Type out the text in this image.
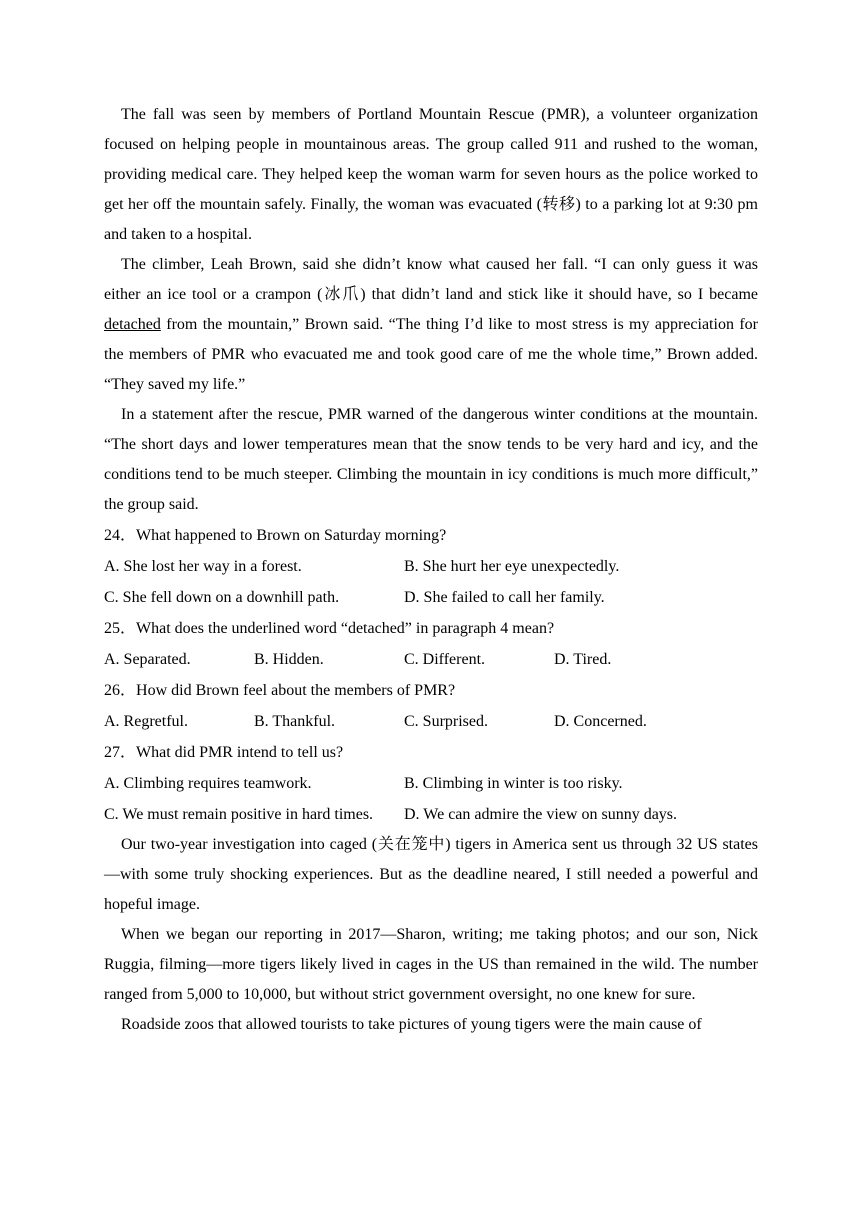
The fall was seen by members of Portland Mountain Rescue (PMR), a volunteer organization focused on helping people in mountainous areas. The group called 911 and rushed to the woman, providing medical care. They helped keep the woman warm for seven hours as the police worked to get her off the mountain safely. Finally, the woman was evacuated (转移) to a parking lot at 9:30 pm and taken to a hospital.

The climber, Leah Brown, said she didn’t know what caused her fall. “I can only guess it was either an ice tool or a crampon (冰爪) that didn’t land and stick like it should have, so I became detached from the mountain,” Brown said. “The thing I’d like to most stress is my appreciation for the members of PMR who evacuated me and took good care of me the whole time,” Brown added. “They saved my life.”

In a statement after the rescue, PMR warned of the dangerous winter conditions at the mountain. “The short days and lower temperatures mean that the snow tends to be very hard and icy, and the conditions tend to be much steeper. Climbing the mountain in icy conditions is much more difficult,” the group said.

24．What happened to Brown on Saturday morning?
A. She lost her way in a forest.	B. She hurt her eye unexpectedly.
C. She fell down on a downhill path.	D. She failed to call her family.
25．What does the underlined word “detached” in paragraph 4 mean?
A. Separated.	B. Hidden.	C. Different.	D. Tired.
26．How did Brown feel about the members of PMR?
A. Regretful.	B. Thankful.	C. Surprised.	D. Concerned.
27．What did PMR intend to tell us?
A. Climbing requires teamwork.	B. Climbing in winter is too risky.
C. We must remain positive in hard times. D. We can admire the view on sunny days.

Our two-year investigation into caged (关在笼中) tigers in America sent us through 32 US states—with some truly shocking experiences. But as the deadline neared, I still needed a powerful and hopeful image.

When we began our reporting in 2017—Sharon, writing; me taking photos; and our son, Nick Ruggia, filming—more tigers likely lived in cages in the US than remained in the wild. The number ranged from 5,000 to 10,000, but without strict government oversight, no one knew for sure.

Roadside zoos that allowed tourists to take pictures of young tigers were the main cause of
